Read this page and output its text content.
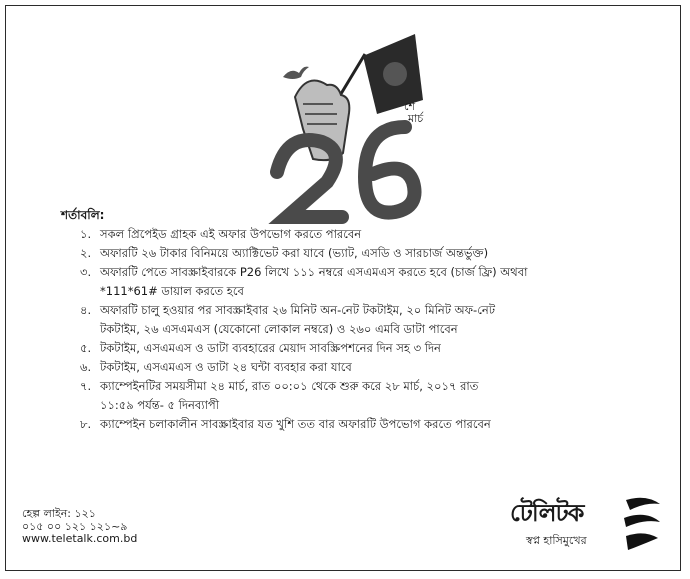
শে
মার্চ
শর্তাবলি:
১. সকল প্রিপেইড গ্রাহক এই অফার উপভোগ করতে পারবেন
২. অফারটি ২৬ টাকার বিনিময়ে অ্যাক্টিভেট করা যাবে (ভ্যাট, এসডি ও সারচার্জ অন্তর্ভুক্ত)
৩. অফারটি পেতে সাবস্ক্রাইবারকে P26 লিখে ১১১ নম্বরে এসএমএস করতে হবে (চার্জ ফ্রি) অথবা
*111*61# ডায়াল করতে হবে
৪. অফারটি চালু হওয়ার পর সাবস্ক্রাইবার ২৬ মিনিট অন-নেট টকটাইম, ২০ মিনিট অফ-নেট
টকটাইম, ২৬ এসএমএস (যেকোনো লোকাল নম্বরে) ও ২৬০ এমবি ডাটা পাবেন
৫. টকটাইম, এসএমএস ও ডাটা ব্যবহারের মেয়াদ সাবস্ক্রিপশনের দিন সহ ৩ দিন
৬. টকটাইম, এসএমএস ও ডাটা ২৪ ঘন্টা ব্যবহার করা যাবে
৭. ক্যাম্পেইনটির সময়সীমা ২৪ মার্চ, রাত ০০:০১ থেকে শুরু করে ২৮ মার্চ, ২০১৭ রাত
১১:৫৯ পর্যন্ত- ৫ দিনব্যাপী
৮. ক্যাম্পেইন চলাকালীন সাবস্ক্রাইবার যত খুশি তত বার অফারটি উপভোগ করতে পারবেন
হেল্প লাইন: ১২১
০১৫ ০০ ১২১ ১২১~৯
www.teletalk.com.bd
টেলিটক
স্বপ্ন হাসিমুখের
